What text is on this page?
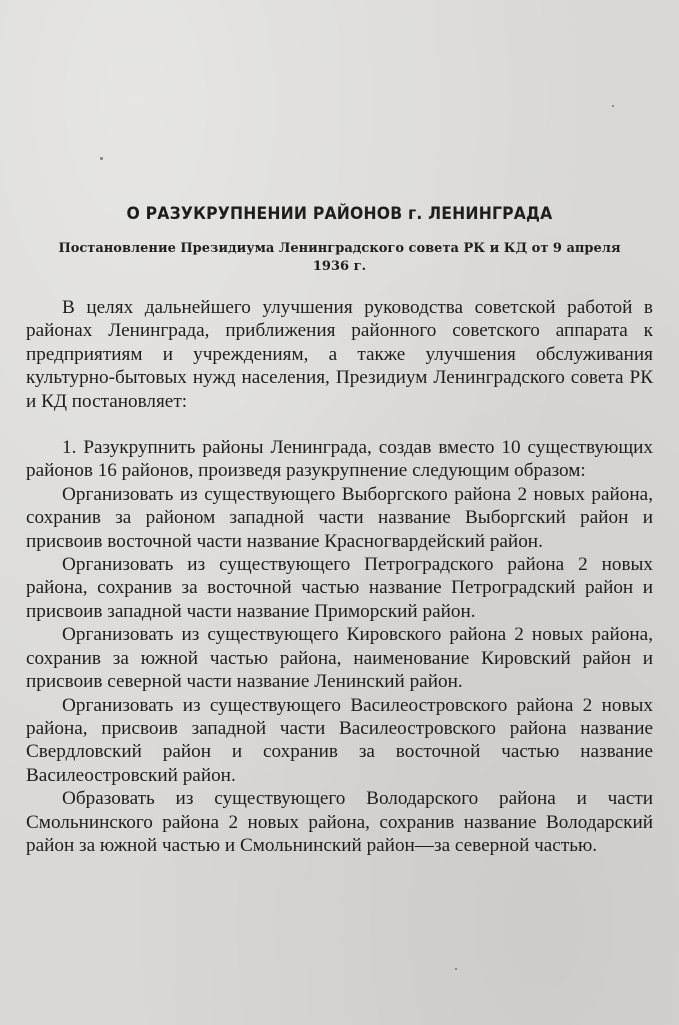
О РАЗУКРУПНЕНИИ РАЙОНОВ г. ЛЕНИНГРАДА
Постановление Президиума Ленинградского совета РК и КД от 9 апреля
1936 г.

В целях дальнейшего улучшения руководства советской работой в районах Ленинграда, приближения районного советского аппарата к предприятиям и учреждениям, а также улучшения обслуживания культурно-бытовых нужд населения, Президиум Ленинградского совета РК и КД постановляет:

1. Разукрупнить районы Ленинграда, создав вместо 10 существующих районов 16 районов, произведя разукрупнение следующим образом:

Организовать из существующего Выборгского района 2 новых района, сохранив за районом западной части название Выборгский район и присвоив восточной части название Красногвардейский район.

Организовать из существующего Петроградского района 2 новых района, сохранив за восточной частью название Петроградский район и присвоив западной части название Приморский район.

Организовать из существующего Кировского района 2 новых района, сохранив за южной частью района, наименование Кировский район и присвоив северной части название Ленинский район.

Организовать из существующего Василеостровского района 2 новых района, присвоив западной части Василеостровского района название Свердловский район и сохранив за восточной частью название Василеостровский район.

Образовать из существующего Володарского района и части Смольнинского района 2 новых района, сохранив название Володарский район за южной частью и Смольнинский район—за северной частью.
